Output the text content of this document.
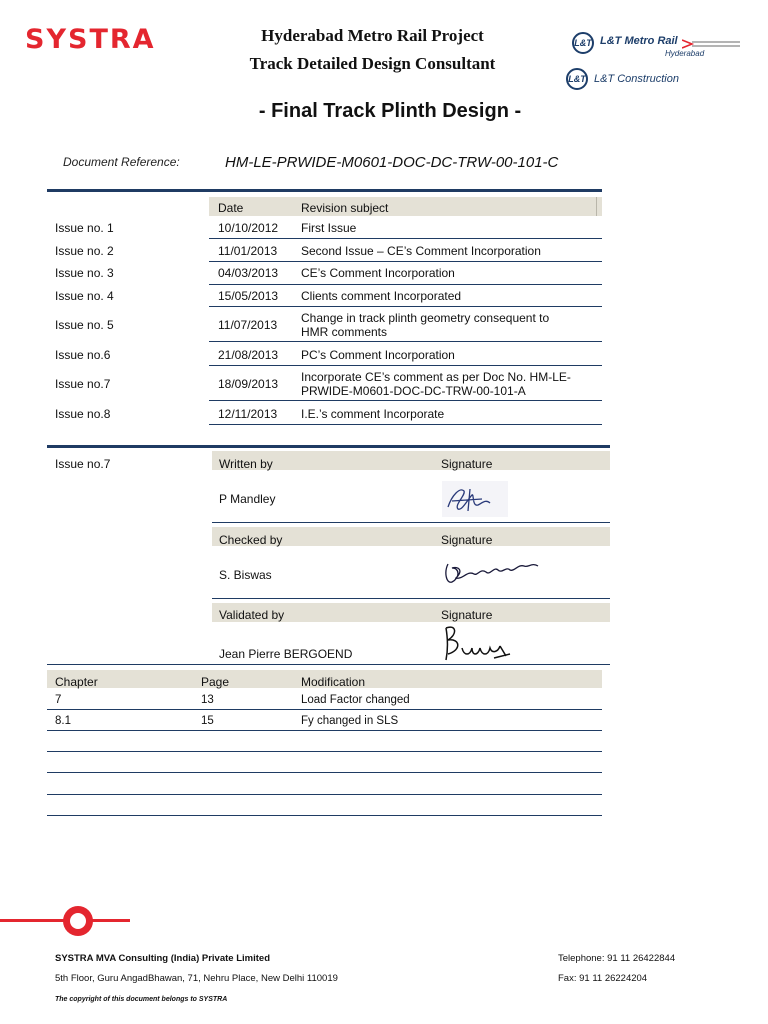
SYSTRA	Hyderabad Metro Rail Project
Track Detailed Design Consultant
L&T L&T Metro Rail
Hyderabad
L&T L&T Construction
- Final Track Plinth Design -
Document Reference:	HM-LE-PRWIDE-M0601-DOC-DC-TRW-00-101-C
Date	Revision subject
Issue no. 1	10/10/2012 First Issue
Issue no. 2	11/01/2013 Second Issue – CE’s Comment Incorporation
Issue no. 3	04/03/2013 CE’s Comment Incorporation
Issue no. 4	15/05/2013 Clients comment Incorporated
Issue no. 5	11/07/2013 Change in track plinth geometry consequent to
HMR comments
Issue no.6	21/08/2013 PC’s Comment Incorporation
Issue no.7	18/09/2013 Incorporate CE’s comment as per Doc No. HM-LE-
PRWIDE-M0601-DOC-DC-TRW-00-101-A
Issue no.8	12/11/2013 I.E.’s comment Incorporate
Issue no.7	Written by	Signature
P Mandley
Checked by	Signature
S. Biswas
Validated by	Signature
Jean Pierre BERGOEND
Chapter	Page	Modification
7	13	Load Factor changed
8.1	15	Fy changed in SLS
SYSTRA MVA Consulting (India) Private Limited
5th Floor, Guru AngadBhawan, 71, Nehru Place, New Delhi 110019
Telephone: 91 11 26422844
Fax: 91 11 26224204
The copyright of this document belongs to SYSTRA
